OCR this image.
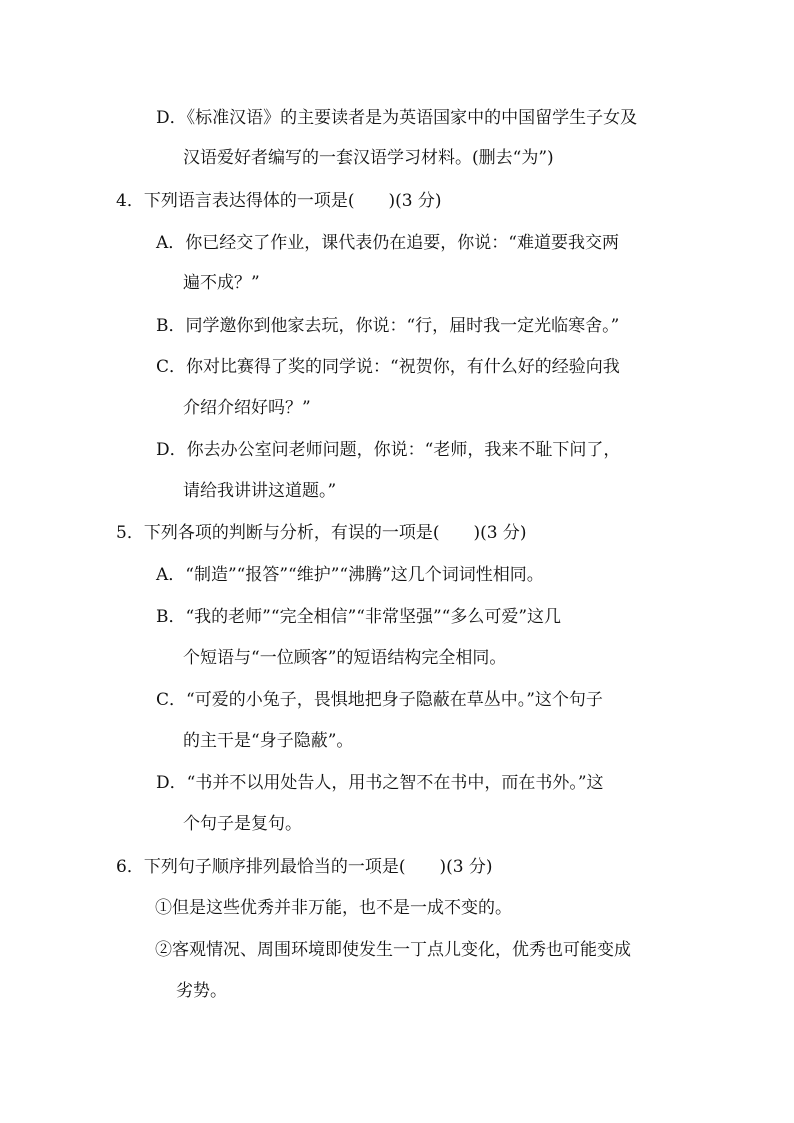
D．《标准汉语》的主要读者是为英语国家中的中国留学生子女及
汉语爱好者编写的一套汉语学习材料。(删去“为”)
4．下列语言表达得体的一项是(　　)(3 分)
A．你已经交了作业，课代表仍在追要，你说：“难道要我交两
遍不成？”
B．同学邀你到他家去玩，你说：“行，届时我一定光临寒舍。”
C．你对比赛得了奖的同学说：“祝贺你，有什么好的经验向我
介绍介绍好吗？”
D．你去办公室问老师问题，你说：“老师，我来不耻下问了，
请给我讲讲这道题。”
5．下列各项的判断与分析，有误的一项是(　　)(3 分)
A．“制造”“报答”“维护”“沸腾”这几个词词性相同。
B．“我的老师”“完全相信”“非常坚强”“多么可爱”这几
个短语与“一位顾客”的短语结构完全相同。
C．“可爱的小兔子，畏惧地把身子隐蔽在草丛中。”这个句子
的主干是“身子隐蔽”。
D．“书并不以用处告人，用书之智不在书中，而在书外。”这
个句子是复句。
6．下列句子顺序排列最恰当的一项是(　　)(3 分)
①但是这些优秀并非万能，也不是一成不变的。
②客观情况、周围环境即使发生一丁点儿变化，优秀也可能变成
劣势。
